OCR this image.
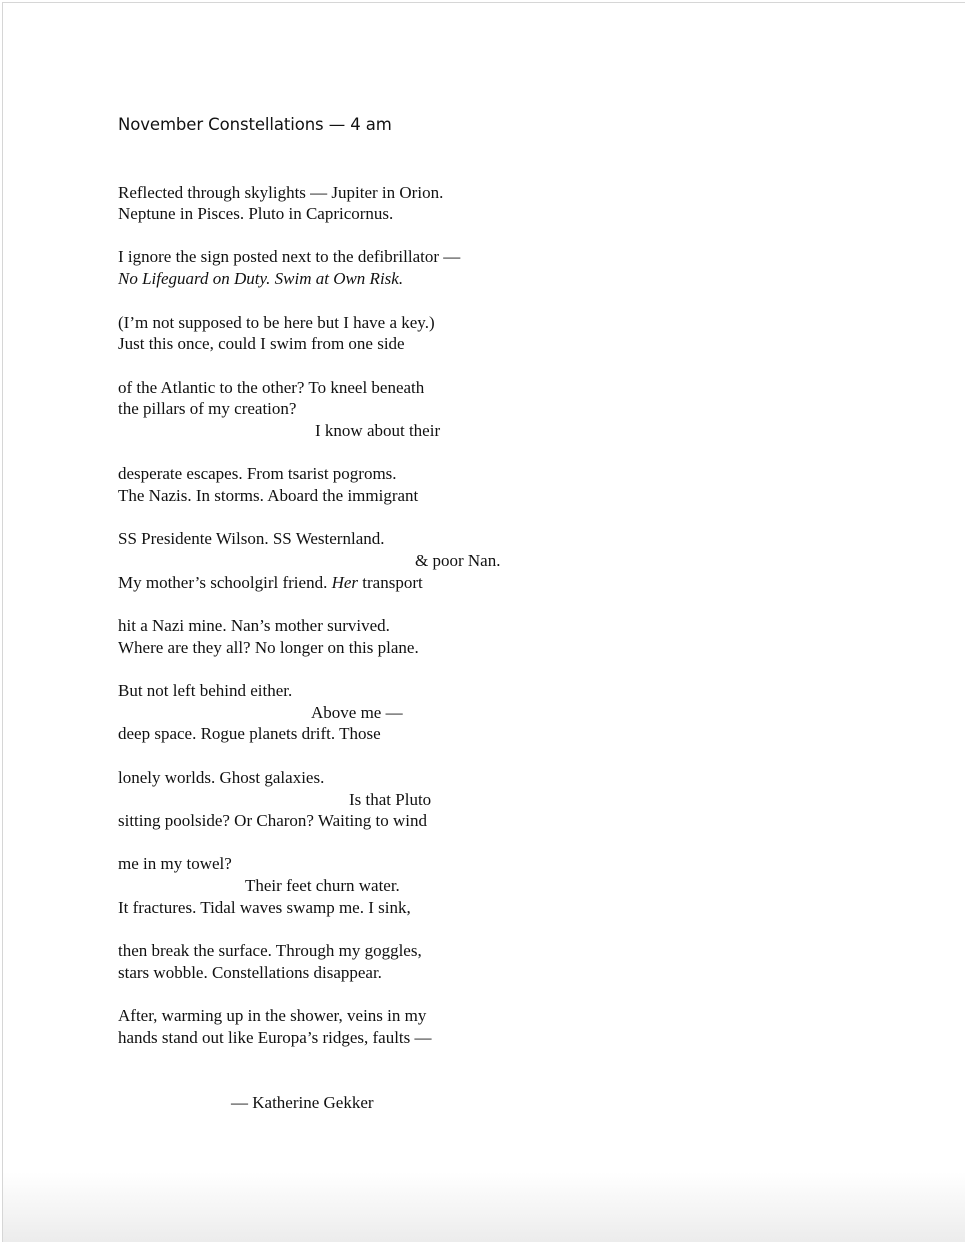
November Constellations — 4 am
Reflected through skylights — Jupiter in Orion.
Neptune in Pisces. Pluto in Capricornus.
I ignore the sign posted next to the defibrillator —
No Lifeguard on Duty. Swim at Own Risk.
(I’m not supposed to be here but I have a key.)
Just this once, could I swim from one side
of the Atlantic to the other? To kneel beneath
the pillars of my creation?
I know about their
desperate escapes. From tsarist pogroms.
The Nazis. In storms. Aboard the immigrant
SS Presidente Wilson. SS Westernland.
& poor Nan.
My mother’s schoolgirl friend. Her transport
hit a Nazi mine. Nan’s mother survived.
Where are they all? No longer on this plane.
But not left behind either.
Above me —
deep space. Rogue planets drift. Those
lonely worlds. Ghost galaxies.
Is that Pluto
sitting poolside? Or Charon? Waiting to wind
me in my towel?
Their feet churn water.
It fractures. Tidal waves swamp me. I sink,
then break the surface. Through my goggles,
stars wobble. Constellations disappear.
After, warming up in the shower, veins in my
hands stand out like Europa’s ridges, faults —
— Katherine Gekker
